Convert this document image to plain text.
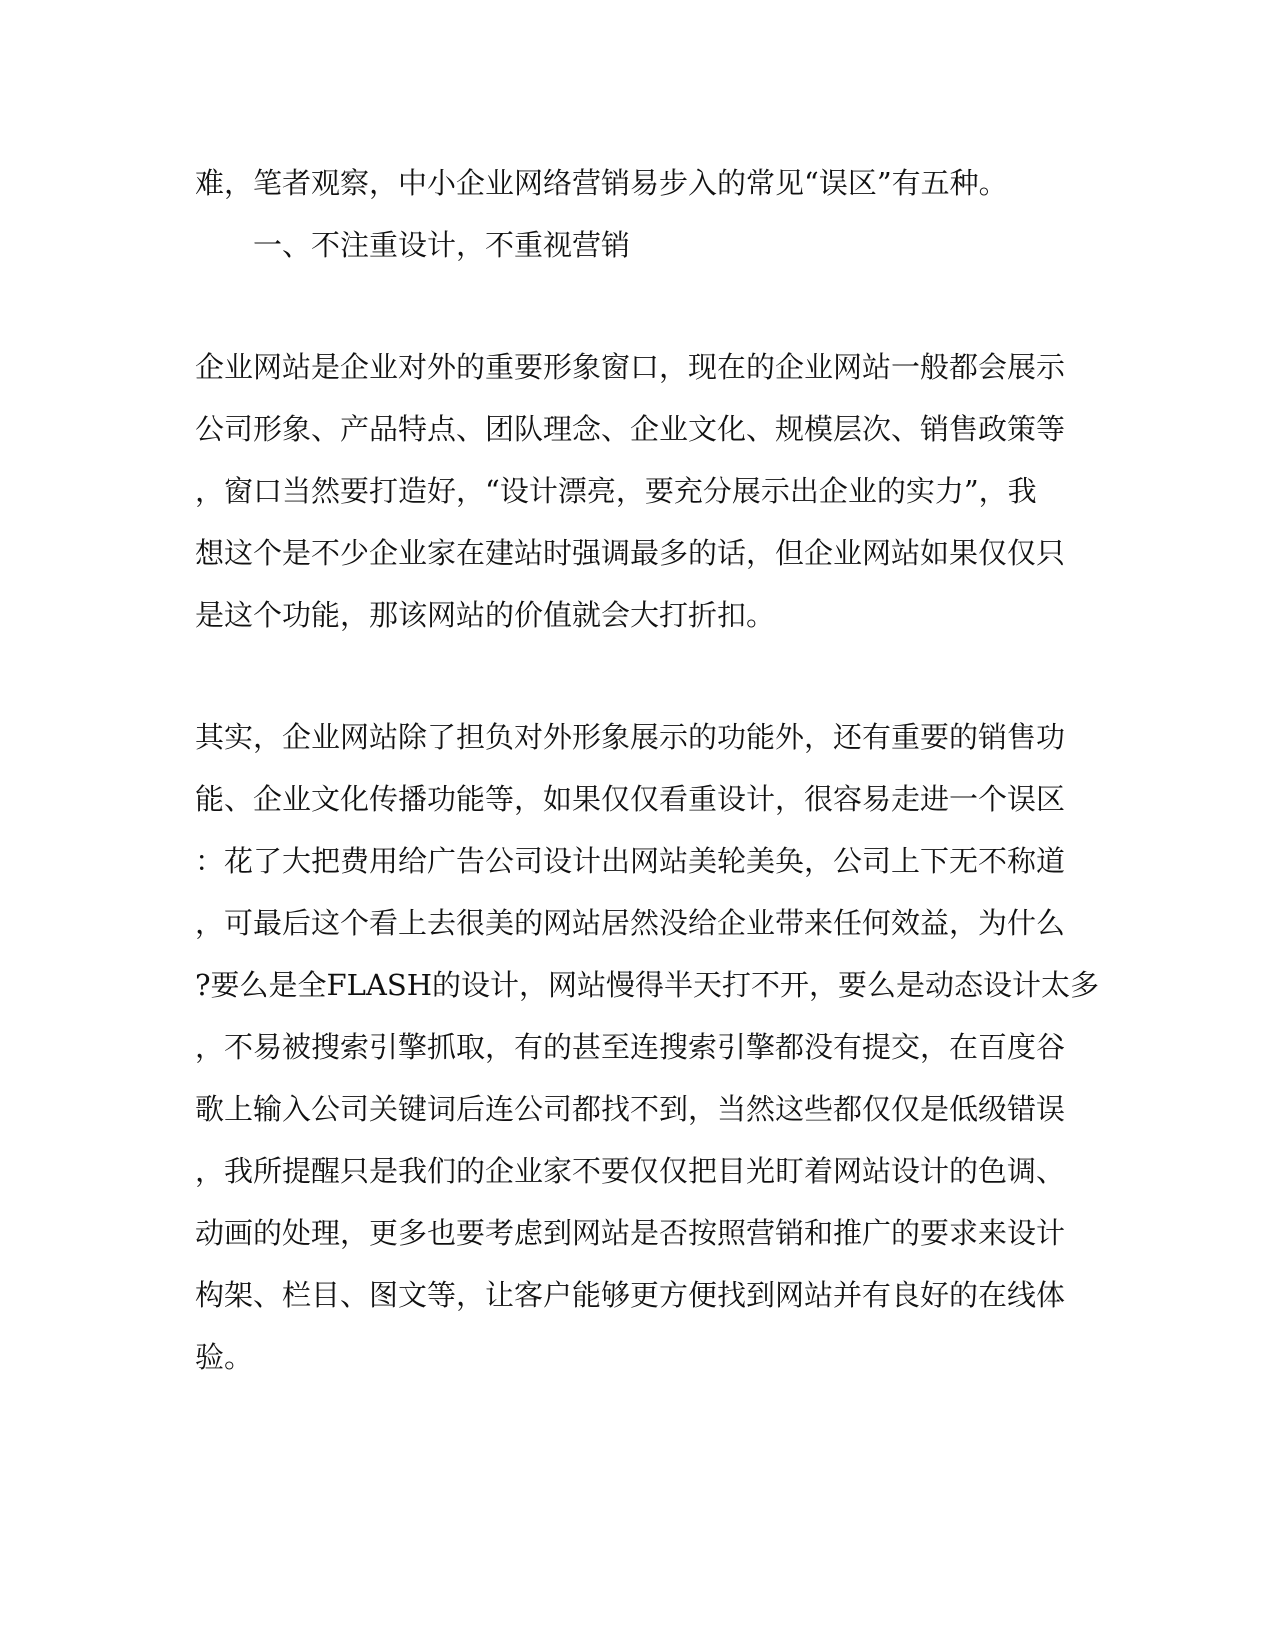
难，笔者观察，中小企业网络营销易步入的常见“误区”有五种。
一、不注重设计，不重视营销
企业网站是企业对外的重要形象窗口，现在的企业网站一般都会展示
公司形象、产品特点、团队理念、企业文化、规模层次、销售政策等
，窗口当然要打造好，“设计漂亮，要充分展示出企业的实力”，我
想这个是不少企业家在建站时强调最多的话，但企业网站如果仅仅只
是这个功能，那该网站的价值就会大打折扣。
其实，企业网站除了担负对外形象展示的功能外，还有重要的销售功
能、企业文化传播功能等，如果仅仅看重设计，很容易走进一个误区
：花了大把费用给广告公司设计出网站美轮美奂，公司上下无不称道
，可最后这个看上去很美的网站居然没给企业带来任何效益，为什么
?要么是全FLASH的设计，网站慢得半天打不开，要么是动态设计太多
，不易被搜索引擎抓取，有的甚至连搜索引擎都没有提交，在百度谷
歌上输入公司关键词后连公司都找不到，当然这些都仅仅是低级错误
，我所提醒只是我们的企业家不要仅仅把目光盯着网站设计的色调、
动画的处理，更多也要考虑到网站是否按照营销和推广的要求来设计
构架、栏目、图文等，让客户能够更方便找到网站并有良好的在线体
验。
